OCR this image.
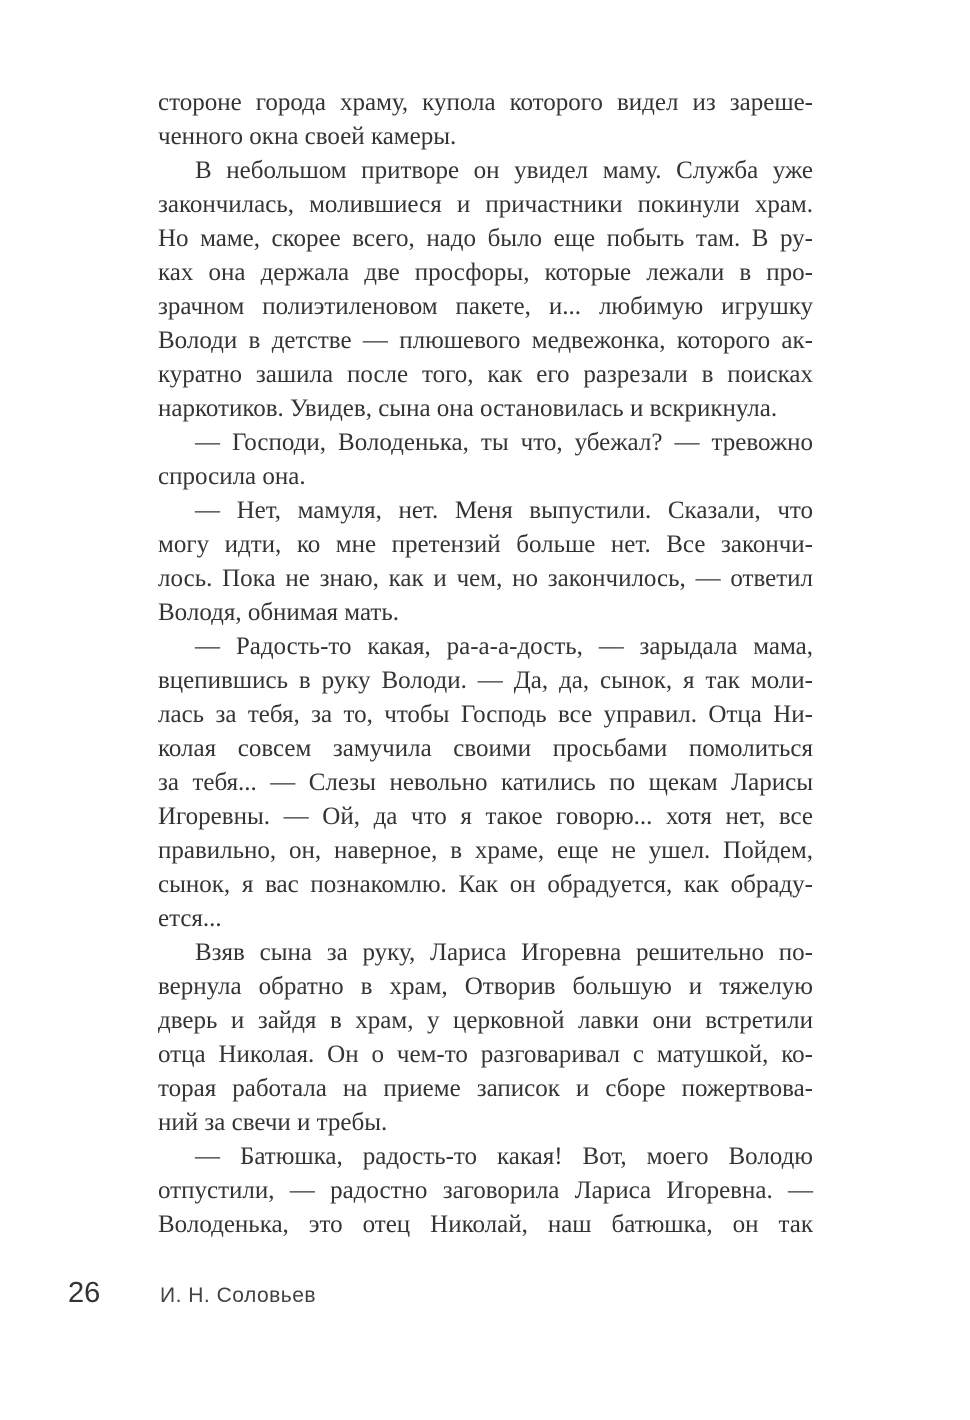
стороне города храму, купола которого видел из зареше-
ченного окна своей камеры.
В небольшом притворе он увидел маму. Служба уже
закончилась, молившиеся и причастники покинули храм.
Но маме, скорее всего, надо было еще побыть там. В ру-
ках она держала две просфоры, которые лежали в про-
зрачном полиэтиленовом пакете, и... любимую игрушку
Володи в детстве — плюшевого медвежонка, которого ак-
куратно зашила после того, как его разрезали в поисках
наркотиков. Увидев, сына она остановилась и вскрикнула.
— Господи, Володенька, ты что, убежал? — тревожно
спросила она.
— Нет, мамуля, нет. Меня выпустили. Сказали, что
могу идти, ко мне претензий больше нет. Все закончи-
лось. Пока не знаю, как и чем, но закончилось, — ответил
Володя, обнимая мать.
— Радость-то какая, ра-а-а-дость, — зарыдала мама,
вцепившись в руку Володи. — Да, да, сынок, я так моли-
лась за тебя, за то, чтобы Господь все управил. Отца Ни-
колая совсем замучила своими просьбами помолиться
за тебя... — Слезы невольно катились по щекам Ларисы
Игоревны. — Ой, да что я такое говорю... хотя нет, все
правильно, он, наверное, в храме, еще не ушел. Пойдем,
сынок, я вас познакомлю. Как он обрадуется, как обраду-
ется...
Взяв сына за руку, Лариса Игоревна решительно по-
вернула обратно в храм, Отворив большую и тяжелую
дверь и зайдя в храм, у церковной лавки они встретили
отца Николая. Он о чем-то разговаривал с матушкой, ко-
торая работала на приеме записок и сборе пожертвова-
ний за свечи и требы.
— Батюшка, радость-то какая! Вот, моего Володю
отпустили, — радостно заговорила Лариса Игоревна. —
Володенька, это отец Николай, наш батюшка, он так
26	И. Н. Соловьев
